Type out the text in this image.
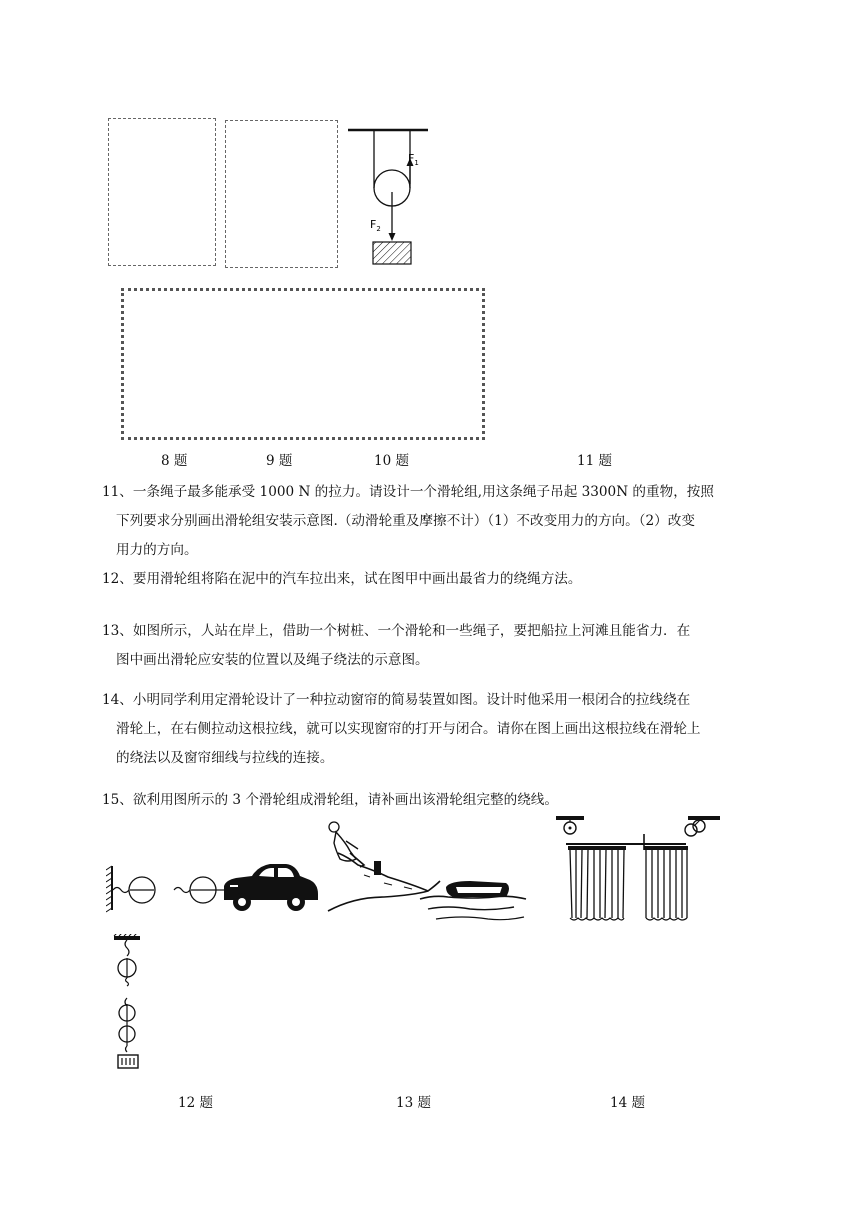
$F_1$
$F_2$
8 题	9 题	10 题	11 题

11、一条绳子最多能承受 1000 N 的拉力。请设计一个滑轮组,用这条绳子吊起 3300N 的重物，按照

下列要求分别画出滑轮组安装示意图.（动滑轮重及摩擦不计）（1）不改变用力的方向。（2）改变

用力的方向。

12、要用滑轮组将陷在泥中的汽车拉出来，试在图甲中画出最省力的绕绳方法。

13、如图所示，人站在岸上，借助一个树桩、一个滑轮和一些绳子，要把船拉上河滩且能省力．在

图中画出滑轮应安装的位置以及绳子绕法的示意图。

14、小明同学利用定滑轮设计了一种拉动窗帘的简易装置如图。设计时他采用一根闭合的拉线绕在

滑轮上，在右侧拉动这根拉线，就可以实现窗帘的打开与闭合。请你在图上画出这根拉线在滑轮上

的绕法以及窗帘细线与拉线的连接。

15、欲利用图所示的 3 个滑轮组成滑轮组，请补画出该滑轮组完整的绕线。

12 题	13 题	14 题
